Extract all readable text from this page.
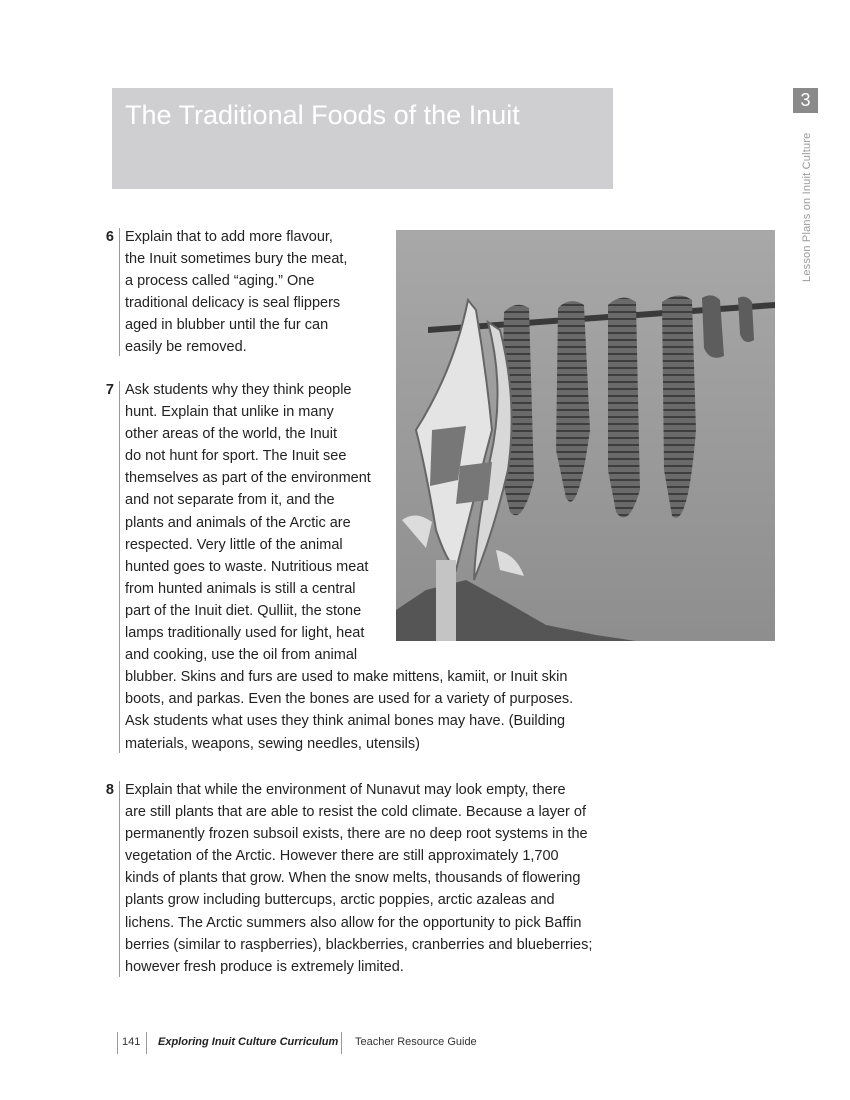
The Traditional Foods of the Inuit	3
Lesson Plans on Inuit Culture
6 Explain that to add more flavour,
the Inuit sometimes bury the meat,
a process called “aging.” One
traditional delicacy is seal flippers
aged in blubber until the fur can
easily be removed.
7 Ask students why they think people
hunt. Explain that unlike in many
other areas of the world, the Inuit
do not hunt for sport. The Inuit see
themselves as part of the environment
and not separate from it, and the
plants and animals of the Arctic are
respected. Very little of the animal
hunted goes to waste. Nutritious meat
from hunted animals is still a central
part of the Inuit diet. Qulliit, the stone
lamps traditionally used for light, heat
and cooking, use the oil from animal
blubber. Skins and furs are used to make mittens, kamiit, or Inuit skin
boots, and parkas. Even the bones are used for a variety of purposes.
Ask students what uses they think animal bones may have. (Building
materials, weapons, sewing needles, utensils)
8 Explain that while the environment of Nunavut may look empty, there
are still plants that are able to resist the cold climate. Because a layer of
permanently frozen subsoil exists, there are no deep root systems in the
vegetation of the Arctic. However there are still approximately 1,700
kinds of plants that grow. When the snow melts, thousands of flowering
plants grow including buttercups, arctic poppies, arctic azaleas and
lichens. The Arctic summers also allow for the opportunity to pick Baffin
berries (similar to raspberries), blackberries, cranberries and blueberries;
however fresh produce is extremely limited.
141 Exploring Inuit Culture Curriculum Teacher Resource Guide
